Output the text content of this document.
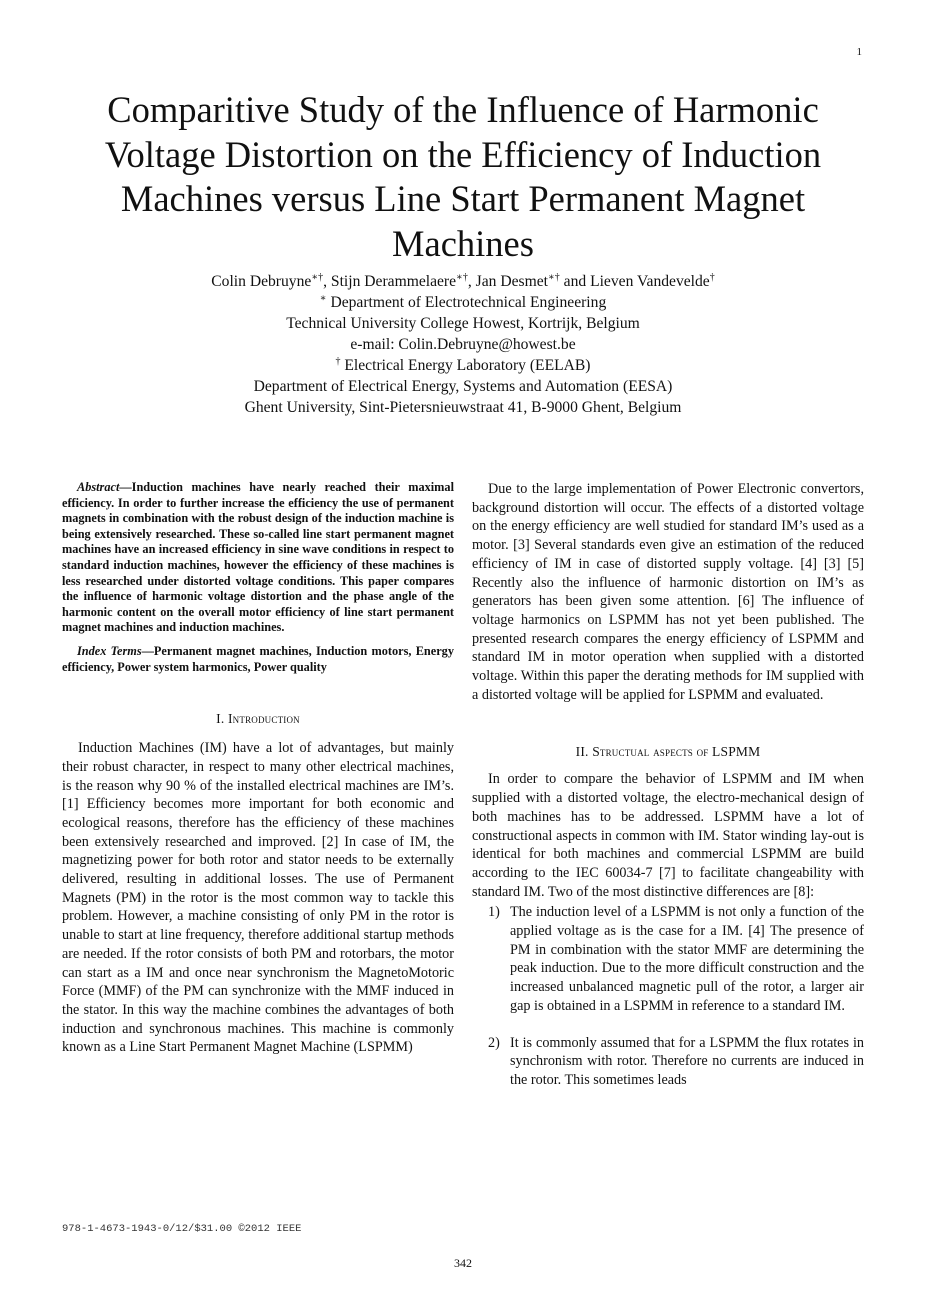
1
Comparitive Study of the Influence of Harmonic Voltage Distortion on the Efficiency of Induction Machines versus Line Start Permanent Magnet Machines
Colin Debruyne∗†, Stijn Derammelaere∗†, Jan Desmet∗† and Lieven Vandevelde†
∗ Department of Electrotechnical Engineering
Technical University College Howest, Kortrijk, Belgium
e-mail: Colin.Debruyne@howest.be
† Electrical Energy Laboratory (EELAB)
Department of Electrical Energy, Systems and Automation (EESA)
Ghent University, Sint-Pietersnieuwstraat 41, B-9000 Ghent, Belgium

Abstract—Induction machines have nearly reached their maximal efficiency. In order to further increase the efficiency the use of permanent magnets in combination with the robust design of the induction machine is being extensively researched. These so-called line start permanent magnet machines have an increased efficiency in sine wave conditions in respect to standard induction machines, however the efficiency of these machines is less researched under distorted voltage conditions. This paper compares the influence of harmonic voltage distortion and the phase angle of the harmonic content on the overall motor efficiency of line start permanent magnet machines and induction machines.

Index Terms—Permanent magnet machines, Induction motors, Energy efficiency, Power system harmonics, Power quality

I. Introduction

Induction Machines (IM) have a lot of advantages, but mainly their robust character, in respect to many other electrical machines, is the reason why 90 % of the installed electrical machines are IM’s. [1] Efficiency becomes more important for both economic and ecological reasons, therefore has the efficiency of these machines been extensively researched and improved. [2] In case of IM, the magnetizing power for both rotor and stator needs to be externally delivered, resulting in additional losses. The use of Permanent Magnets (PM) in the rotor is the most common way to tackle this problem. However, a machine consisting of only PM in the rotor is unable to start at line frequency, therefore additional startup methods are needed. If the rotor consists of both PM and rotorbars, the motor can start as a IM and once near synchronism the MagnetoMotoric Force (MMF) of the PM can synchronize with the MMF induced in the stator. In this way the machine combines the advantages of both induction and synchronous machines. This machine is commonly known as a Line Start Permanent Magnet Machine (LSPMM)

Due to the large implementation of Power Electronic convertors, background distortion will occur. The effects of a distorted voltage on the energy efficiency are well studied for standard IM’s used as a motor. [3] Several standards even give an estimation of the reduced efficiency of IM in case of distorted supply voltage. [4] [3] [5] Recently also the influence of harmonic distortion on IM’s as generators has been given some attention. [6] The influence of voltage harmonics on LSPMM has not yet been published. The presented research compares the energy efficiency of LSPMM and standard IM in motor operation when supplied with a distorted voltage. Within this paper the derating methods for IM supplied with a distorted voltage will be applied for LSPMM and evaluated.

II. Structual aspects of LSPMM

In order to compare the behavior of LSPMM and IM when supplied with a distorted voltage, the electro-mechanical design of both machines has to be addressed. LSPMM have a lot of constructional aspects in common with IM. Stator winding lay-out is identical for both machines and commercial LSPMM are build according to the IEC 60034-7 [7] to facilitate changeability with standard IM. Two of the most distinctive differences are [8]:

1) The induction level of a LSPMM is not only a function of the applied voltage as is the case for a IM. [4] The presence of PM in combination with the stator MMF are determining the peak induction. Due to the more difficult construction and the increased unbalanced magnetic pull of the rotor, a larger air gap is obtained in a LSPMM in reference to a standard IM.
2) It is commonly assumed that for a LSPMM the flux rotates in synchronism with rotor. Therefore no currents are induced in the rotor. This sometimes leads
978-1-4673-1943-0/12/$31.00 ©2012 IEEE
342
